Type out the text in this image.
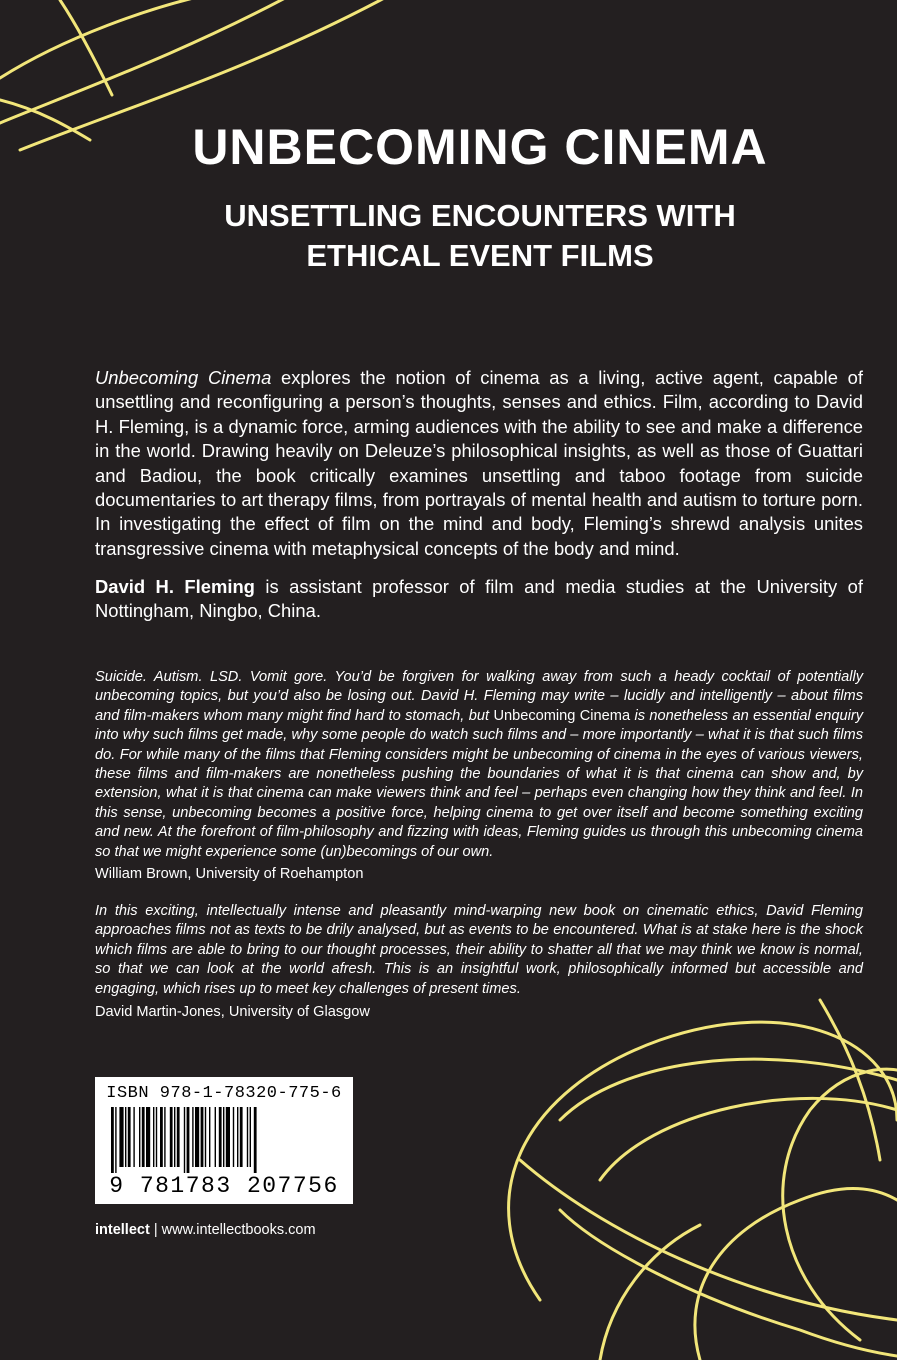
UNBECOMING CINEMA
UNSETTLING ENCOUNTERS WITH
ETHICAL EVENT FILMS

Unbecoming Cinema explores the notion of cinema as a living, active agent, capable of unsettling and reconfiguring a person’s thoughts, senses and ethics. Film, according to David H. Fleming, is a dynamic force, arming audiences with the ability to see and make a difference in the world. Drawing heavily on Deleuze’s philosophical insights, as well as those of Guattari and Badiou, the book critically examines unsettling and taboo footage from suicide documentaries to art therapy films, from portrayals of mental health and autism to torture porn. In investigating the effect of film on the mind and body, Fleming’s shrewd analysis unites transgressive cinema with metaphysical concepts of the body and mind.

David H. Fleming is assistant professor of film and media studies at the University of Nottingham, Ningbo, China.

Suicide. Autism. LSD. Vomit gore. You’d be forgiven for walking away from such a heady cocktail of potentially unbecoming topics, but you’d also be losing out. David H. Fleming may write – lucidly and intelligently – about films and film-makers whom many might find hard to stomach, but Unbecoming Cinema is nonetheless an essential enquiry into why such films get made, why some people do watch such films and – more importantly – what it is that such films do. For while many of the films that Fleming considers might be unbecoming of cinema in the eyes of various viewers, these films and film-makers are nonetheless pushing the boundaries of what it is that cinema can show and, by extension, what it is that cinema can make viewers think and feel – perhaps even changing how they think and feel. In this sense, unbecoming becomes a positive force, helping cinema to get over itself and become something exciting and new. At the forefront of film-philosophy and fizzing with ideas, Fleming guides us through this unbecoming cinema so that we might experience some (un)becomings of our own.

William Brown, University of Roehampton

In this exciting, intellectually intense and pleasantly mind-warping new book on cinematic ethics, David Fleming approaches films not as texts to be drily analysed, but as events to be encountered. What is at stake here is the shock which films are able to bring to our thought processes, their ability to shatter all that we may think we know is normal, so that we can look at the world afresh. This is an insightful work, philosophically informed but accessible and engaging, which rises up to meet key challenges of present times.

David Martin-Jones, University of Glasgow

ISBN 978-1-78320-775-6
9 781783 207756

intellect | www.intellectbooks.com
